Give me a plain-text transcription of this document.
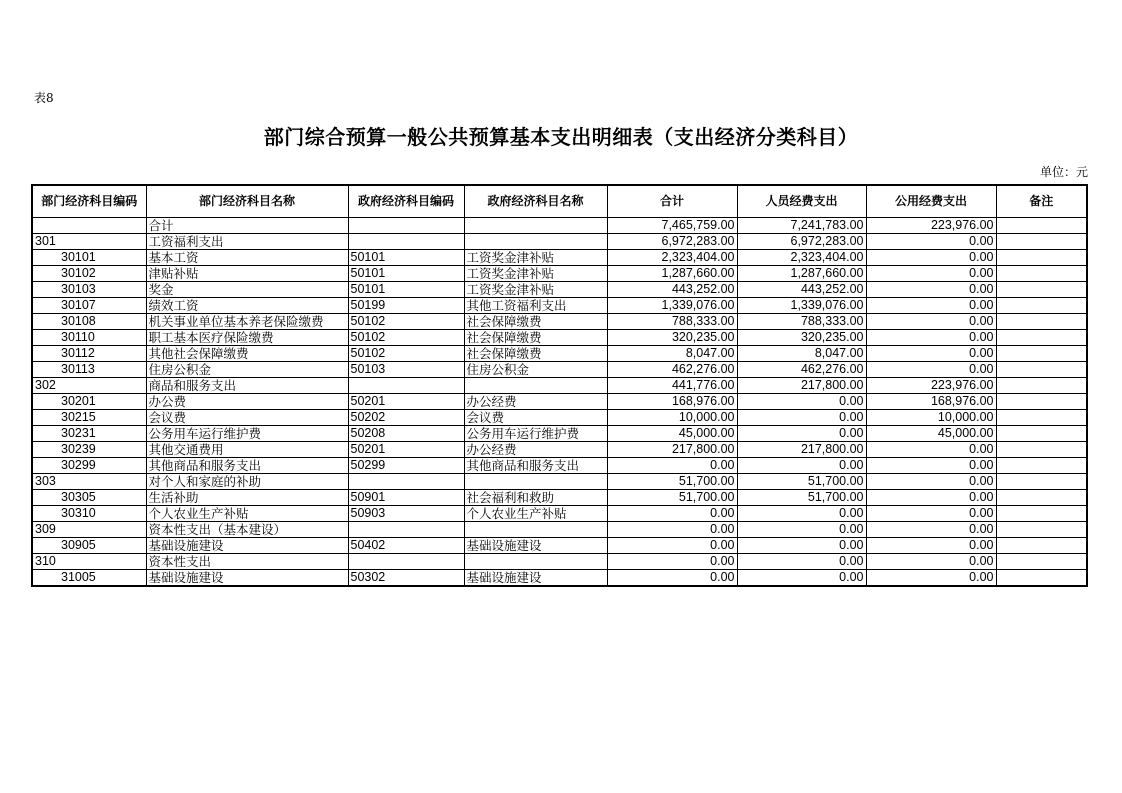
表8
部门综合预算一般公共预算基本支出明细表（支出经济分类科目）
单位：元
部门经济科目编码	部门经济科目名称	政府经济科目编码	政府经济科目名称	合计	人员经费支出	公用经费支出	备注
	合计			7,465,759.00	7,241,783.00	223,976.00	
301	工资福利支出			6,972,283.00	6,972,283.00	0.00	
30101	基本工资	50101	工资奖金津补贴	2,323,404.00	2,323,404.00	0.00	
30102	津贴补贴	50101	工资奖金津补贴	1,287,660.00	1,287,660.00	0.00	
30103	奖金	50101	工资奖金津补贴	443,252.00	443,252.00	0.00	
30107	绩效工资	50199	其他工资福利支出	1,339,076.00	1,339,076.00	0.00	
30108	机关事业单位基本养老保险缴费	50102	社会保障缴费	788,333.00	788,333.00	0.00	
30110	职工基本医疗保险缴费	50102	社会保障缴费	320,235.00	320,235.00	0.00	
30112	其他社会保障缴费	50102	社会保障缴费	8,047.00	8,047.00	0.00	
30113	住房公积金	50103	住房公积金	462,276.00	462,276.00	0.00	
302	商品和服务支出			441,776.00	217,800.00	223,976.00	
30201	办公费	50201	办公经费	168,976.00	0.00	168,976.00	
30215	会议费	50202	会议费	10,000.00	0.00	10,000.00	
30231	公务用车运行维护费	50208	公务用车运行维护费	45,000.00	0.00	45,000.00	
30239	其他交通费用	50201	办公经费	217,800.00	217,800.00	0.00	
30299	其他商品和服务支出	50299	其他商品和服务支出	0.00	0.00	0.00	
303	对个人和家庭的补助			51,700.00	51,700.00	0.00	
30305	生活补助	50901	社会福利和救助	51,700.00	51,700.00	0.00	
30310	个人农业生产补贴	50903	个人农业生产补贴	0.00	0.00	0.00	
309	资本性支出（基本建设）			0.00	0.00	0.00	
30905	基础设施建设	50402	基础设施建设	0.00	0.00	0.00	
310	资本性支出			0.00	0.00	0.00	
31005	基础设施建设	50302	基础设施建设	0.00	0.00	0.00	
